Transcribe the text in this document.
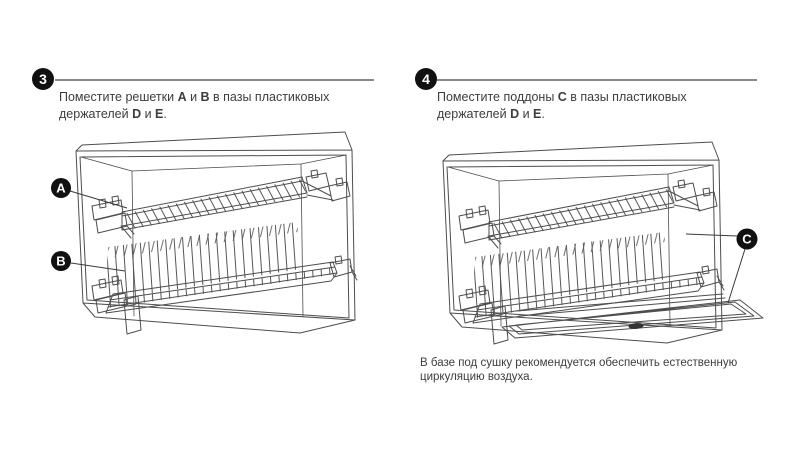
3
Поместите решетки A и B в пазы пластиковых держателей D и E.
4
Поместите поддоны C в пазы пластиковых держателей D и E.
A
B
C
В базе под сушку рекомендуется обеспечить естественную циркуляцию воздуха.
